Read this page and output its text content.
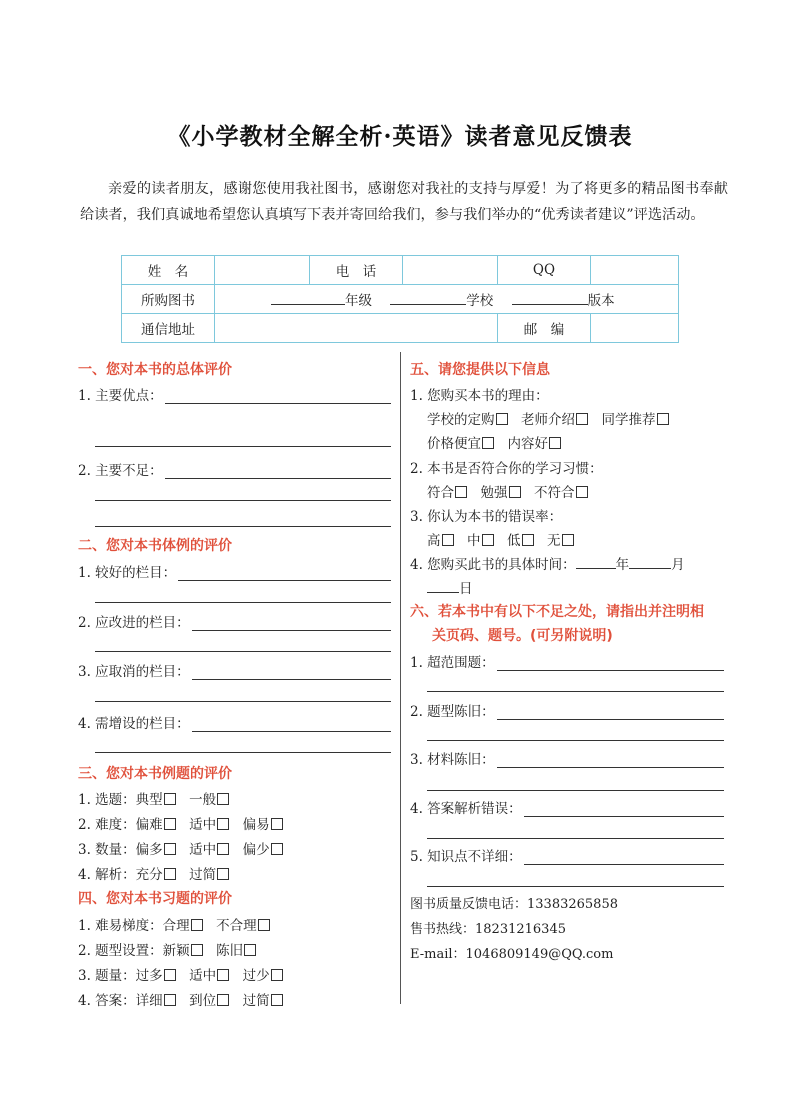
《小学教材全解全析·英语》读者意见反馈表
亲爱的读者朋友，感谢您使用我社图书，感谢您对我社的支持与厚爱！为了将更多的精品图书奉献给读者，我们真诚地希望您认真填写下表并寄回给我们，参与我们举办的“优秀读者建议”评选活动。
姓　名		电　话		QQ	
所购图书	年级 学校 版本				
通信地址				邮　编	
一、您对本书的总体评价
1. 主要优点：
2. 主要不足：
二、您对本书体例的评价
1. 较好的栏目：
2. 应改进的栏目：
3. 应取消的栏目：
4. 需增设的栏目：
三、您对本书例题的评价
1. 选题：典型　 一般
2. 难度：偏难　 适中　 偏易
3. 数量：偏多　 适中　 偏少
4. 解析：充分　 过简
四、您对本书习题的评价
1. 难易梯度：合理　 不合理
2. 题型设置：新颖　 陈旧
3. 题量：过多　 适中　 过少
4. 答案：详细　 到位　 过简
五、请您提供以下信息
1. 您购买本书的理由：
学校的定购　 老师介绍　 同学推荐
价格便宜　 内容好
2. 本书是否符合你的学习习惯：
符合　 勉强　 不符合
3. 你认为本书的错误率：
高　 中　 低　 无
4. 您购买此书的具体时间：	年	月
日
六、若本书中有以下不足之处，请指出并注明相
关页码、题号。(可另附说明)
1. 超范围题：
2. 题型陈旧：
3. 材料陈旧：
4. 答案解析错误：
5. 知识点不详细：
图书质量反馈电话：13383265858
售书热线：18231216345
E-mail：1046809149@QQ.com
